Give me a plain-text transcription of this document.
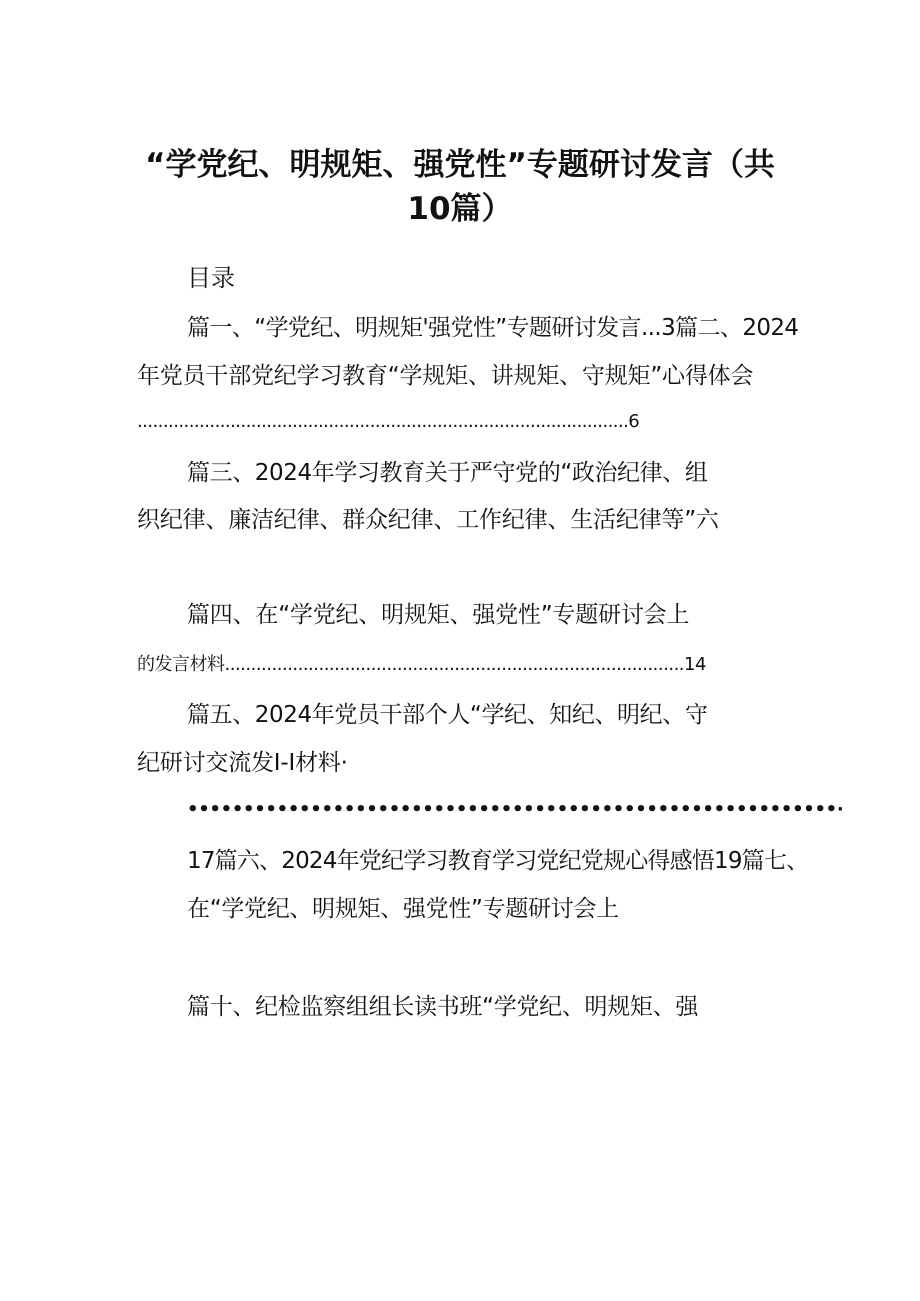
“学党纪、明规矩、强党性”专题研讨发言（共
10篇）
目录
篇一、“学党纪、明规矩'强党性”专题研讨发言...3篇二、2024
年党员干部党纪学习教育“学规矩、讲规矩、守规矩”心得体会
...............................................................................................6
篇三、2024年学习教育关于严守党的“政治纪律、组
织纪律、廉洁纪律、群众纪律、工作纪律、生活纪律等”六
篇四、在“学党纪、明规矩、强党性”专题研讨会上
的发言材料........................................................................................14
篇五、2024年党员干部个人“学纪、知纪、明纪、守
纪研讨交流发I-I材料·
••••••••••••••••••••••••••••••••••••••••••••••••••••••••••·
17篇六、2024年党纪学习教育学习党纪党规心得感悟19篇七、
在“学党纪、明规矩、强党性”专题研讨会上
篇十、纪检监察组组长读书班“学党纪、明规矩、强
